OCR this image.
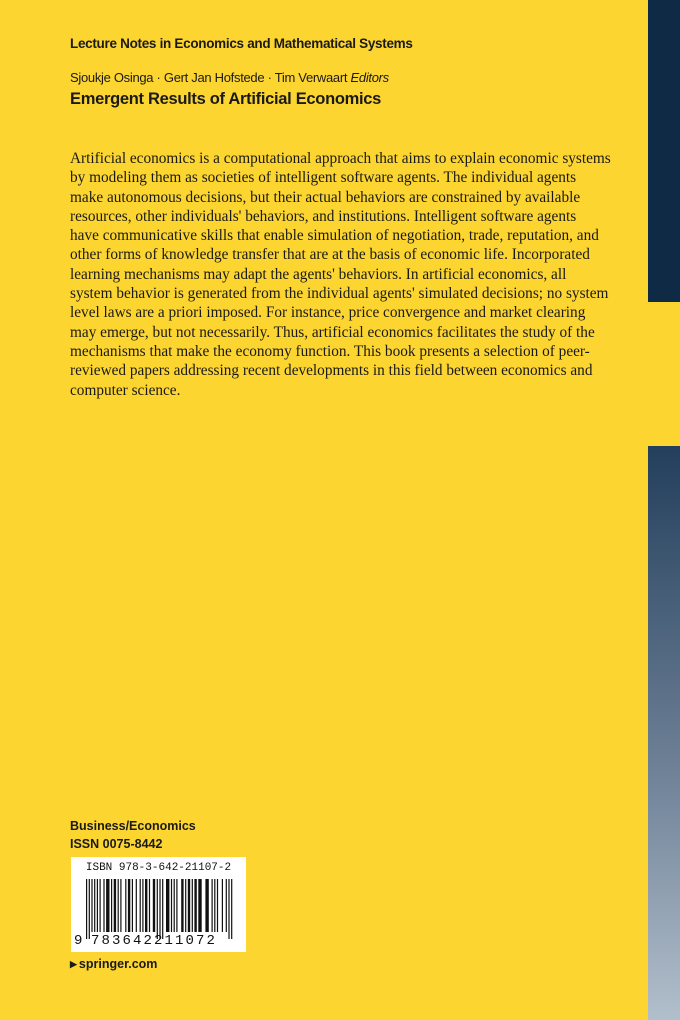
Lecture Notes in Economics and Mathematical Systems
Sjoukje Osinga · Gert Jan Hofstede · Tim Verwaart Editors
Emergent Results of Artificial Economics

Artificial economics is a computational approach that aims to explain economic systems
by modeling them as societies of intelligent software agents. The individual agents
make autonomous decisions, but their actual behaviors are constrained by available
resources, other individuals' behaviors, and institutions. Intelligent software agents
have communicative skills that enable simulation of negotiation, trade, reputation, and
other forms of knowledge transfer that are at the basis of economic life. Incorporated
learning mechanisms may adapt the agents' behaviors. In artificial economics, all
system behavior is generated from the individual agents' simulated decisions; no system
level laws are a priori imposed. For instance, price convergence and market clearing
may emerge, but not necessarily. Thus, artificial economics facilitates the study of the
mechanisms that make the economy function. This book presents a selection of peer-
reviewed papers addressing recent developments in this field between economics and
computer science.

Business/Economics
ISSN 0075-8442
ISBN 978-3-642-21107-2
9 783642211072
▶ springer.com
